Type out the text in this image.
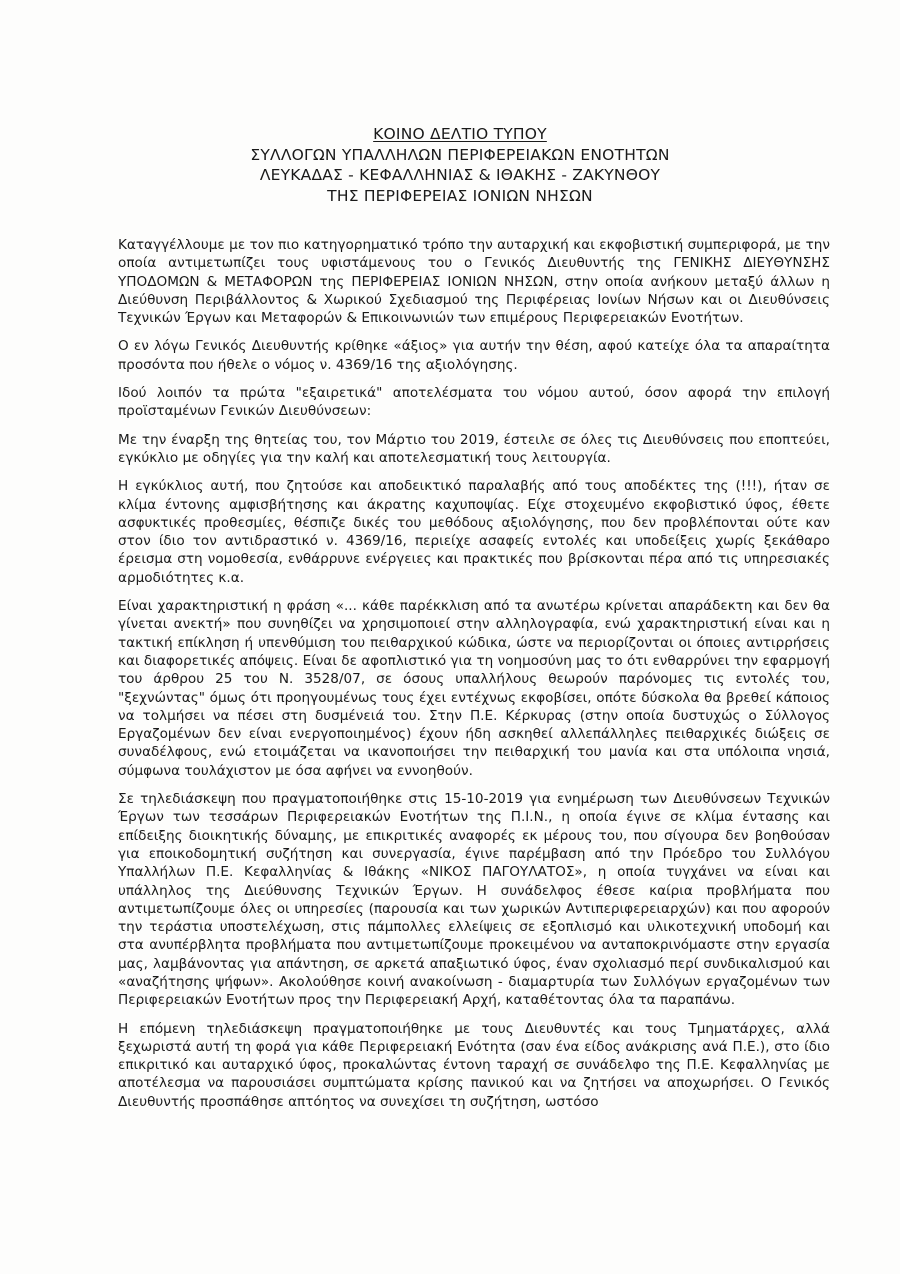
ΚΟΙΝΟ ΔΕΛΤΙΟ ΤΥΠΟΥ
ΣΥΛΛΟΓΩΝ ΥΠΑΛΛΗΛΩΝ ΠΕΡΙΦΕΡΕΙΑΚΩΝ ΕΝΟΤΗΤΩΝ
ΛΕΥΚΑΔΑΣ - ΚΕΦΑΛΛΗΝΙΑΣ & ΙΘΑΚΗΣ - ΖΑΚΥΝΘΟΥ
ΤΗΣ ΠΕΡΙΦΕΡΕΙΑΣ ΙΟΝΙΩΝ ΝΗΣΩΝ

Καταγγέλλουμε με τον πιο κατηγορηματικό τρόπο την αυταρχική και εκφοβιστική συμπεριφορά, με την οποία αντιμετωπίζει τους υφιστάμενους του ο Γενικός Διευθυντής της ΓΕΝΙΚΗΣ ΔΙΕΥΘΥΝΣΗΣ ΥΠΟΔΟΜΩΝ & ΜΕΤΑΦΟΡΩΝ της ΠΕΡΙΦΕΡΕΙΑΣ ΙΟΝΙΩΝ ΝΗΣΩΝ, στην οποία ανήκουν μεταξύ άλλων η Διεύθυνση Περιβάλλοντος & Χωρικού Σχεδιασμού της Περιφέρειας Ιονίων Νήσων και οι Διευθύνσεις Τεχνικών Έργων και Μεταφορών & Επικοινωνιών των επιμέρους Περιφερειακών Ενοτήτων.

Ο εν λόγω Γενικός Διευθυντής κρίθηκε «άξιος» για αυτήν την θέση, αφού κατείχε όλα τα απαραίτητα προσόντα που ήθελε ο νόμος ν. 4369/16 της αξιολόγησης.

Ιδού λοιπόν τα πρώτα "εξαιρετικά" αποτελέσματα του νόμου αυτού, όσον αφορά την επιλογή προϊσταμένων Γενικών Διευθύνσεων:

Με την έναρξη της θητείας του, τον Μάρτιο του 2019, έστειλε σε όλες τις Διευθύνσεις που εποπτεύει, εγκύκλιο με οδηγίες για την καλή και αποτελεσματική τους λειτουργία.

Η εγκύκλιος αυτή, που ζητούσε και αποδεικτικό παραλαβής από τους αποδέκτες της (!!!), ήταν σε κλίμα έντονης αμφισβήτησης και άκρατης καχυποψίας. Είχε στοχευμένο εκφοβιστικό ύφος, έθετε ασφυκτικές προθεσμίες, θέσπιζε δικές του μεθόδους αξιολόγησης, που δεν προβλέπονται ούτε καν στον ίδιο τον αντιδραστικό ν. 4369/16, περιείχε ασαφείς εντολές και υποδείξεις χωρίς ξεκάθαρο έρεισμα στη νομοθεσία, ενθάρρυνε ενέργειες και πρακτικές που βρίσκονται πέρα από τις υπηρεσιακές αρμοδιότητες κ.α.

Είναι χαρακτηριστική η φράση «... κάθε παρέκκλιση από τα ανωτέρω κρίνεται απαράδεκτη και δεν θα γίνεται ανεκτή» που συνηθίζει να χρησιμοποιεί στην αλληλογραφία, ενώ χαρακτηριστική είναι και η τακτική επίκληση ή υπενθύμιση του πειθαρχικού κώδικα, ώστε να περιορίζονται οι όποιες αντιρρήσεις και διαφορετικές απόψεις. Είναι δε αφοπλιστικό για τη νοημοσύνη μας το ότι ενθαρρύνει την εφαρμογή του άρθρου 25 του Ν. 3528/07, σε όσους υπαλλήλους θεωρούν παρόνομες τις εντολές του, "ξεχνώντας" όμως ότι προηγουμένως τους έχει εντέχνως εκφοβίσει, οπότε δύσκολα θα βρεθεί κάποιος να τολμήσει να πέσει στη δυσμένειά του. Στην Π.Ε. Κέρκυρας (στην οποία δυστυχώς ο Σύλλογος Εργαζομένων δεν είναι ενεργοποιημένος) έχουν ήδη ασκηθεί αλλεπάλληλες πειθαρχικές διώξεις σε συναδέλφους, ενώ ετοιμάζεται να ικανοποιήσει την πειθαρχική του μανία και στα υπόλοιπα νησιά, σύμφωνα τουλάχιστον με όσα αφήνει να εννοηθούν.

Σε τηλεδιάσκεψη που πραγματοποιήθηκε στις 15-10-2019 για ενημέρωση των Διευθύνσεων Τεχνικών Έργων των τεσσάρων Περιφερειακών Ενοτήτων της Π.Ι.Ν., η οποία έγινε σε κλίμα έντασης και επίδειξης διοικητικής δύναμης, με επικριτικές αναφορές εκ μέρους του, που σίγουρα δεν βοηθούσαν για εποικοδομητική συζήτηση και συνεργασία, έγινε παρέμβαση από την Πρόεδρο του Συλλόγου Υπαλλήλων Π.Ε. Κεφαλληνίας & Ιθάκης «ΝΙΚΟΣ ΠΑΓΟΥΛΑΤΟΣ», η οποία τυγχάνει να είναι και υπάλληλος της Διεύθυνσης Τεχνικών Έργων. Η συνάδελφος έθεσε καίρια προβλήματα που αντιμετωπίζουμε όλες οι υπηρεσίες (παρουσία και των χωρικών Αντιπεριφερειαρχών) και που αφορούν την τεράστια υποστελέχωση, στις πάμπολλες ελλείψεις σε εξοπλισμό και υλικοτεχνική υποδομή και στα ανυπέρβλητα προβλήματα που αντιμετωπίζουμε προκειμένου να ανταποκρινόμαστε στην εργασία μας, λαμβάνοντας για απάντηση, σε αρκετά απαξιωτικό ύφος, έναν σχολιασμό περί συνδικαλισμού και «αναζήτησης ψήφων». Ακολούθησε κοινή ανακοίνωση - διαμαρτυρία των Συλλόγων εργαζομένων των Περιφερειακών Ενοτήτων προς την Περιφερειακή Αρχή, καταθέτοντας όλα τα παραπάνω.

Η επόμενη τηλεδιάσκεψη πραγματοποιήθηκε με τους Διευθυντές και τους Τμηματάρχες, αλλά ξεχωριστά αυτή τη φορά για κάθε Περιφερειακή Ενότητα (σαν ένα είδος ανάκρισης ανά Π.Ε.), στο ίδιο επικριτικό και αυταρχικό ύφος, προκαλώντας έντονη ταραχή σε συνάδελφο της Π.Ε. Κεφαλληνίας με αποτέλεσμα να παρουσιάσει συμπτώματα κρίσης πανικού και να ζητήσει να αποχωρήσει. Ο Γενικός Διευθυντής προσπάθησε απτόητος να συνεχίσει τη συζήτηση, ωστόσο
